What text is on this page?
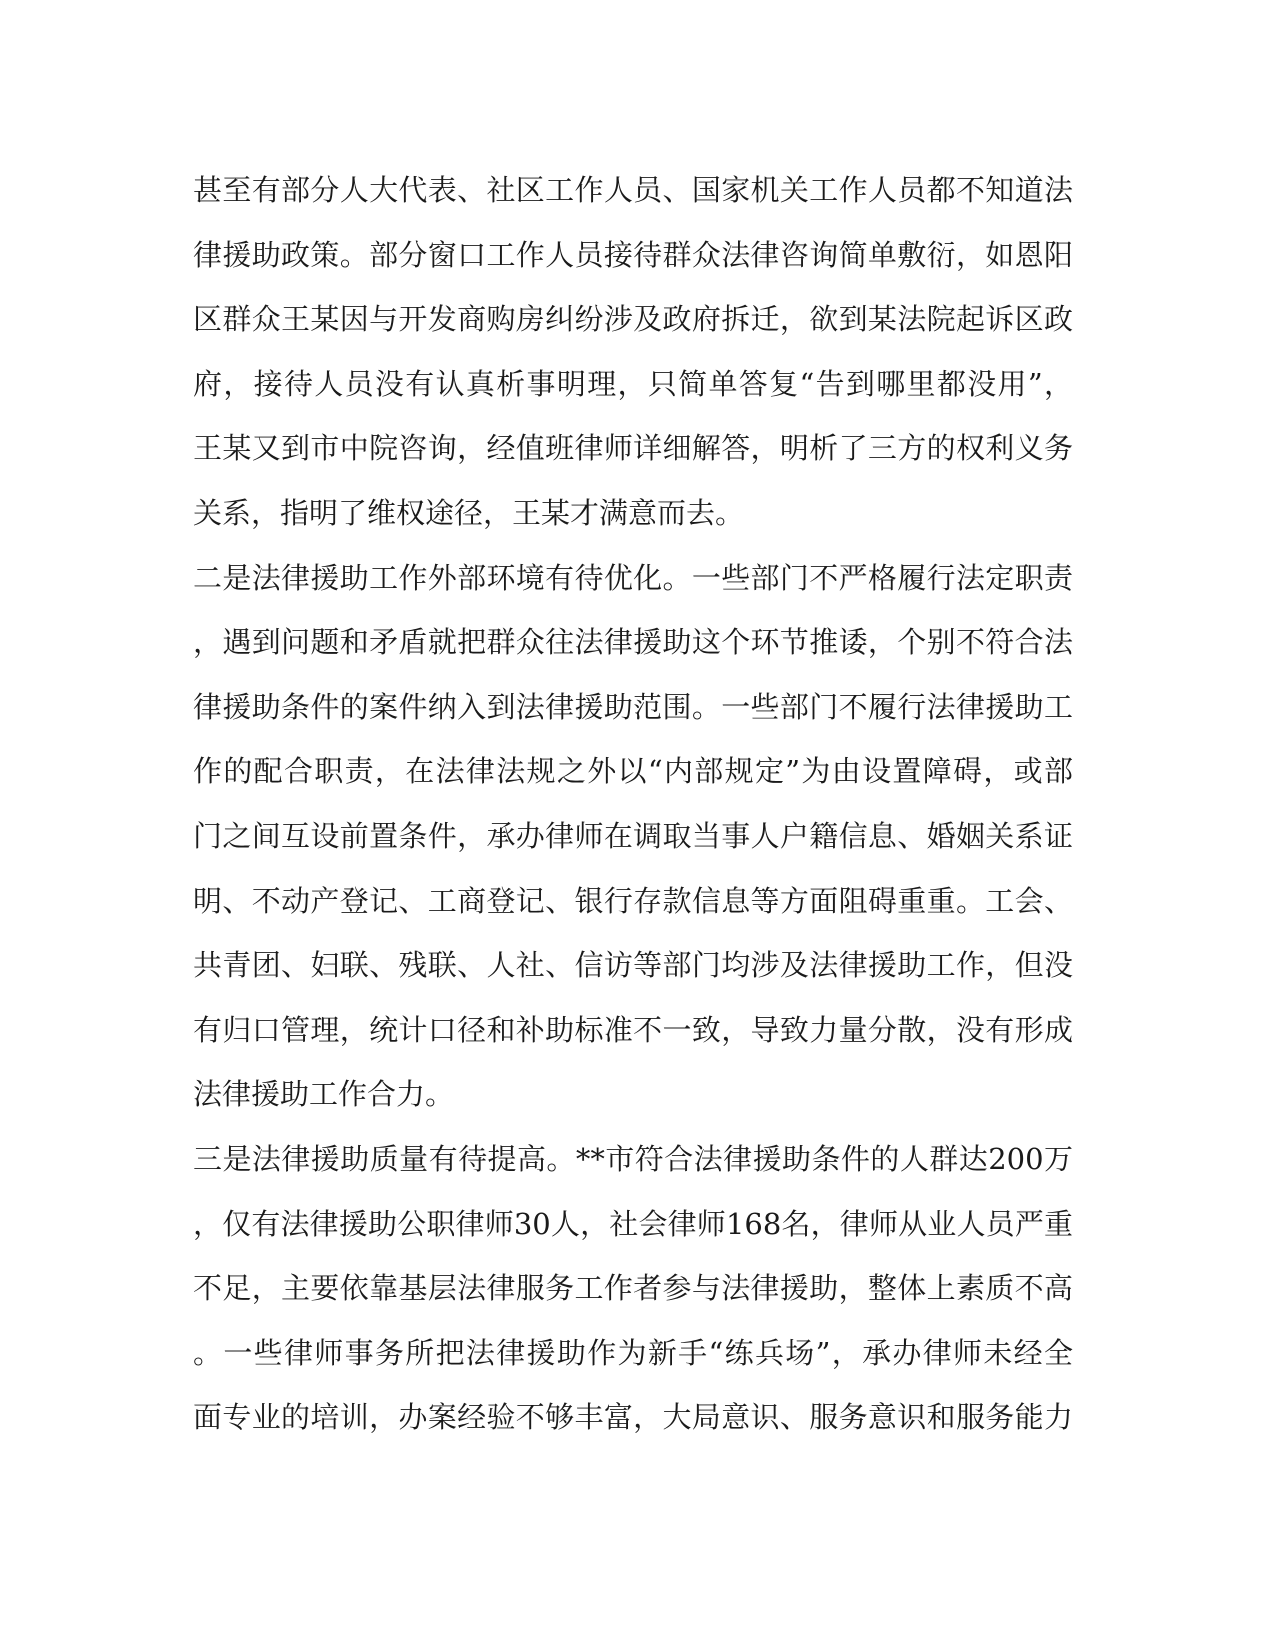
甚至有部分人大代表、社区工作人员、国家机关工作人员都不知道法
律援助政策。部分窗口工作人员接待群众法律咨询简单敷衍，如恩阳
区群众王某因与开发商购房纠纷涉及政府拆迁，欲到某法院起诉区政
府，接待人员没有认真析事明理，只简单答复“告到哪里都没用”，
王某又到市中院咨询，经值班律师详细解答，明析了三方的权利义务
关系，指明了维权途径，王某才满意而去。
二是法律援助工作外部环境有待优化。一些部门不严格履行法定职责
，遇到问题和矛盾就把群众往法律援助这个环节推诿，个别不符合法
律援助条件的案件纳入到法律援助范围。一些部门不履行法律援助工
作的配合职责，在法律法规之外以“内部规定”为由设置障碍，或部
门之间互设前置条件，承办律师在调取当事人户籍信息、婚姻关系证
明、不动产登记、工商登记、银行存款信息等方面阻碍重重。工会、
共青团、妇联、残联、人社、信访等部门均涉及法律援助工作，但没
有归口管理，统计口径和补助标准不一致，导致力量分散，没有形成
法律援助工作合力。
三是法律援助质量有待提高。**市符合法律援助条件的人群达200万
，仅有法律援助公职律师30人，社会律师168名，律师从业人员严重
不足，主要依靠基层法律服务工作者参与法律援助，整体上素质不高
。一些律师事务所把法律援助作为新手“练兵场”，承办律师未经全
面专业的培训，办案经验不够丰富，大局意识、服务意识和服务能力
